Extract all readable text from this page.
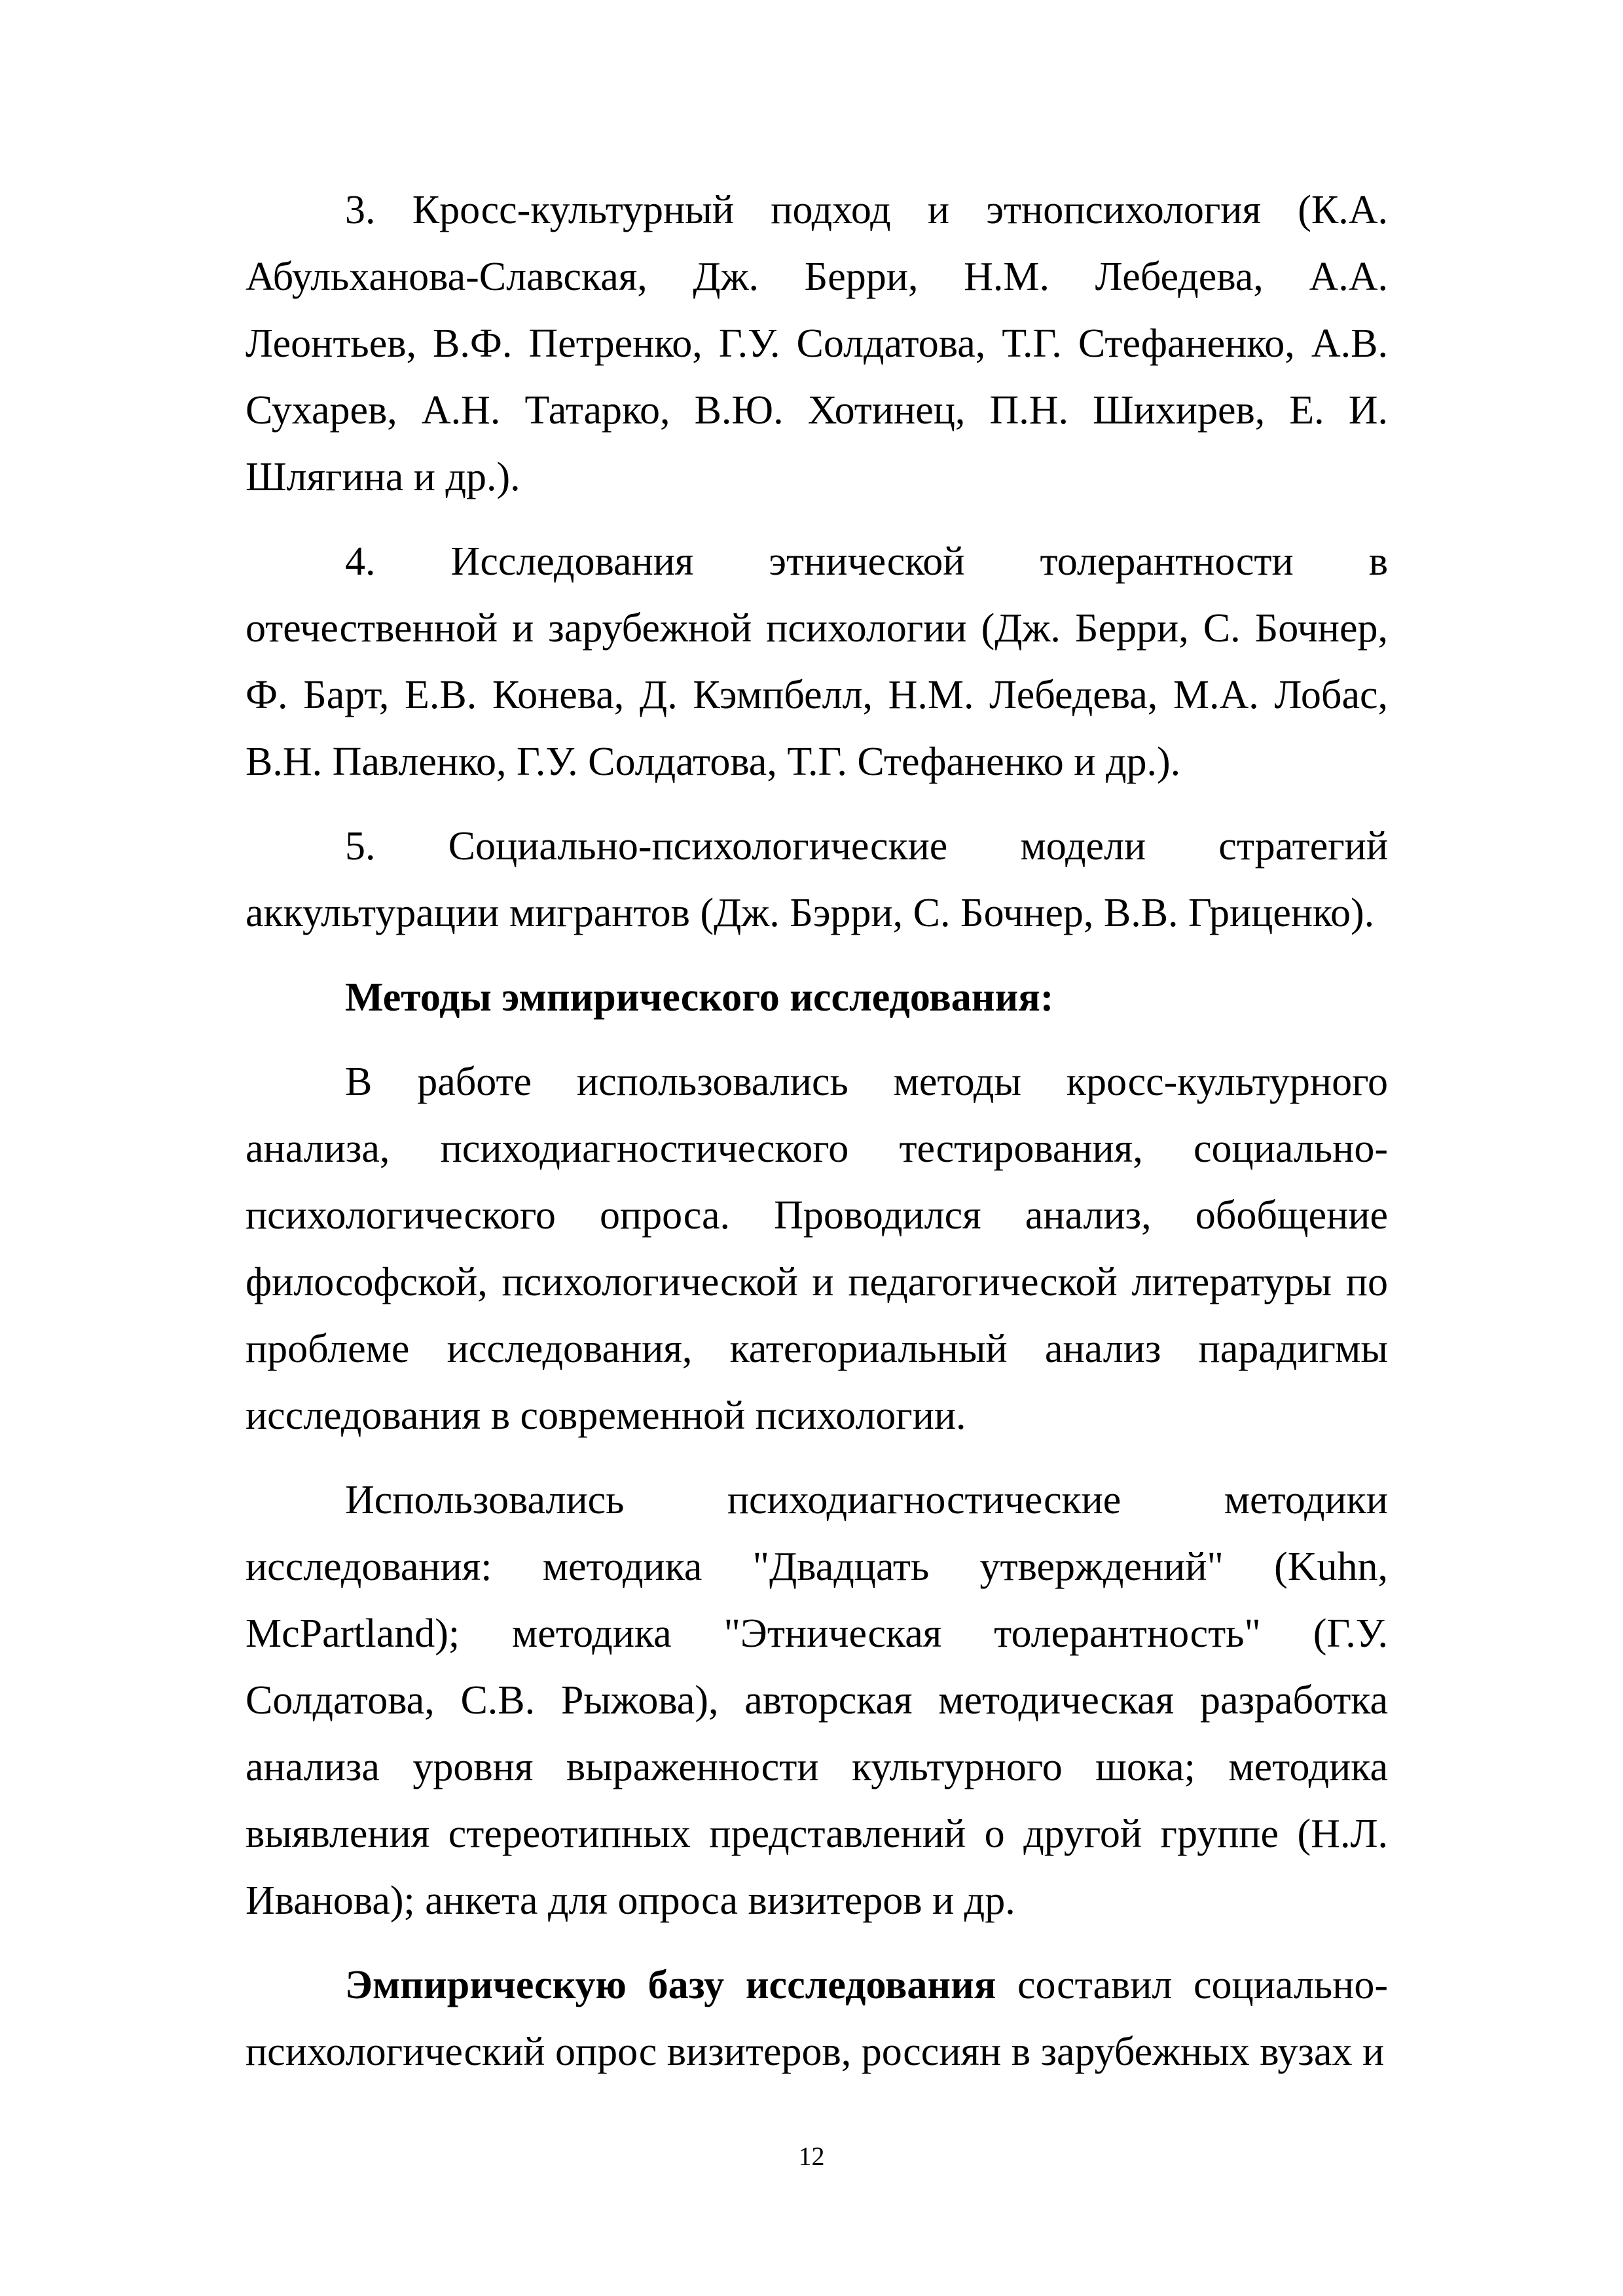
3. Кросс-культурный подход и этнопсихология (К.А. Абульханова-Славская, Дж. Берри, Н.М. Лебедева, А.А. Леонтьев, В.Ф. Петренко, Г.У. Солдатова, Т.Г. Стефаненко, А.В. Сухарев, А.Н. Татарко, В.Ю. Хотинец, П.Н. Шихирев, Е. И. Шлягина и др.).

4. Исследования этнической толерантности в отечественной и зарубежной психологии (Дж. Берри, С. Бочнер, Ф. Барт, Е.В. Конева, Д. Кэмпбелл, Н.М. Лебедева, М.А. Лобас, В.Н. Павленко, Г.У. Солдатова, Т.Г. Стефаненко и др.).

5. Социально-психологические модели стратегий аккультурации мигрантов (Дж. Бэрри, С. Бочнер, В.В. Гриценко).

Методы эмпирического исследования:

В работе использовались методы кросс-культурного анализа, психодиагностического тестирования, социально-психологического опроса. Проводился анализ, обобщение философской, психологической и педагогической литературы по проблеме исследования, категориальный анализ парадигмы исследования в современной психологии.

Использовались психодиагностические методики исследования: методика "Двадцать утверждений" (Kuhn, McPartland); методика "Этническая толерантность" (Г.У. Солдатова, С.В. Рыжова), авторская методическая разработка анализа уровня выраженности культурного шока; методика выявления стереотипных представлений о другой группе (Н.Л. Иванова); анкета для опроса визитеров и др.

Эмпирическую базу исследования составил социально-психологический опрос визитеров, россиян в зарубежных вузах и

12
